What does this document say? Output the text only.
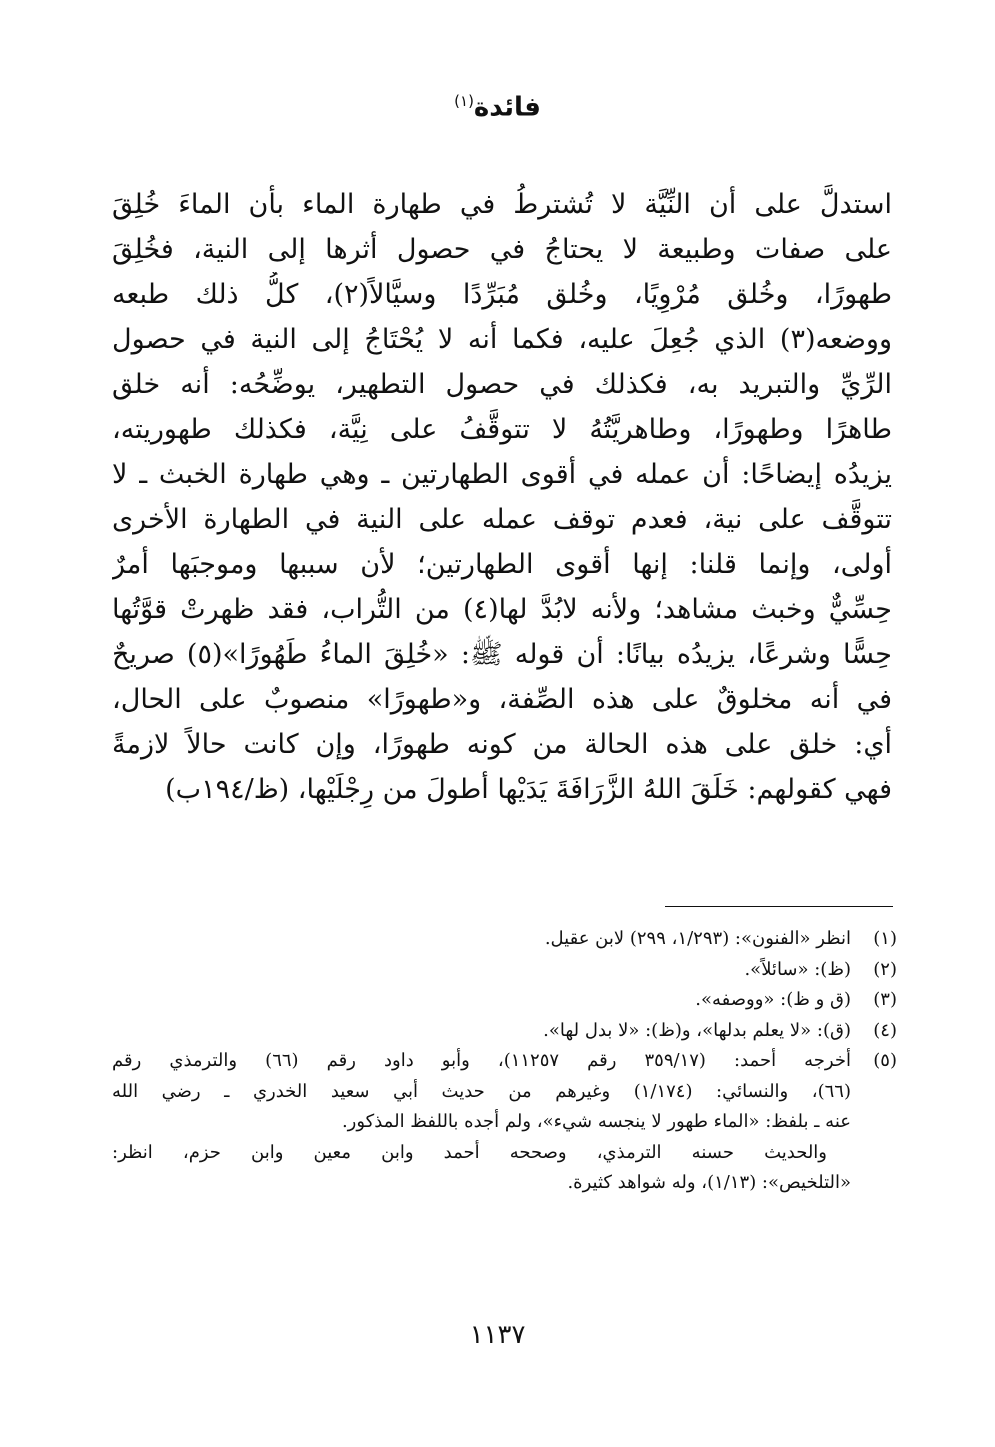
فائدة$^{(١)}$
استدلَّ على أن النِّيَّة لا تُشترطُ في طهارة الماء بأن الماءَ خُلِقَ
على صفات وطبيعة لا يحتاجُ في حصول أثرها إلى النية، فخُلِقَ
طهورًا، وخُلق مُرْوِيًا، وخُلق مُبَرِّدًا وسيَّالاً(٢)، كلُّ ذلك طبعه
ووضعه(٣) الذي جُعِلَ عليه، فكما أنه لا يُحْتَاجُ إلى النية في حصول
الرِّيِّ والتبريد به، فكذلك في حصول التطهير، يوضِّحُه: أنه خلق
طاهرًا وطهورًا، وطاهريَّتُهُ لا تتوقَّفُ على نِيَّة، فكذلك طهوريته،
يزيدُه إيضاحًا: أن عمله في أقوى الطهارتين ـ وهي طهارة الخبث ـ لا
تتوقَّف على نية، فعدم توقف عمله على النية في الطهارة الأخرى
أولى، وإنما قلنا: إنها أقوى الطهارتين؛ لأن سببها وموجبَها أمرٌ
حِسِّيٌّ وخبث مشاهد؛ ولأنه لابُدَّ لها(٤) من التُّراب، فقد ظهرتْ قوَّتُها
حِسًّا وشرعًا، يزيدُه بيانًا: أن قوله ﷺ: «خُلِقَ الماءُ طَهُورًا»(٥) صريحٌ
في أنه مخلوقٌ على هذه الصِّفة، و«طهورًا» منصوبٌ على الحال،
أي: خلق على هذه الحالة من كونه طهورًا، وإن كانت حالاً لازمةً
فهي كقولهم: خَلَقَ اللهُ الزَّرَافَةَ يَدَيْها أطولَ من رِجْلَيْها، (ظ/١٩٤ب)
(١)انظر «الفنون»: (١/٢٩٣، ٢٩٩) لابن عقيل.
(٢)(ظ): «سائلاً».
(٣)(ق و ظ): «ووصفه».
(٤)(ق): «لا يعلم بدلها»، و(ظ): «لا بدل لها».
(٥)أخرجه أحمد: (٣٥٩/١٧ رقم ١١٢٥٧)، وأبو داود رقم (٦٦) والترمذي رقم
(٦٦)، والنسائي: (١/١٧٤) وغيرهم من حديث أبي سعيد الخدري ـ رضي الله
عنه ـ بلفظ: «الماء طهور لا ينجسه شيء»، ولم أجده باللفظ المذكور.
والحديث حسنه الترمذي، وصححه أحمد وابن معين وابن حزم، انظر:
«التلخيص»: (١/١٣)، وله شواهد كثيرة.
١١٣٧
